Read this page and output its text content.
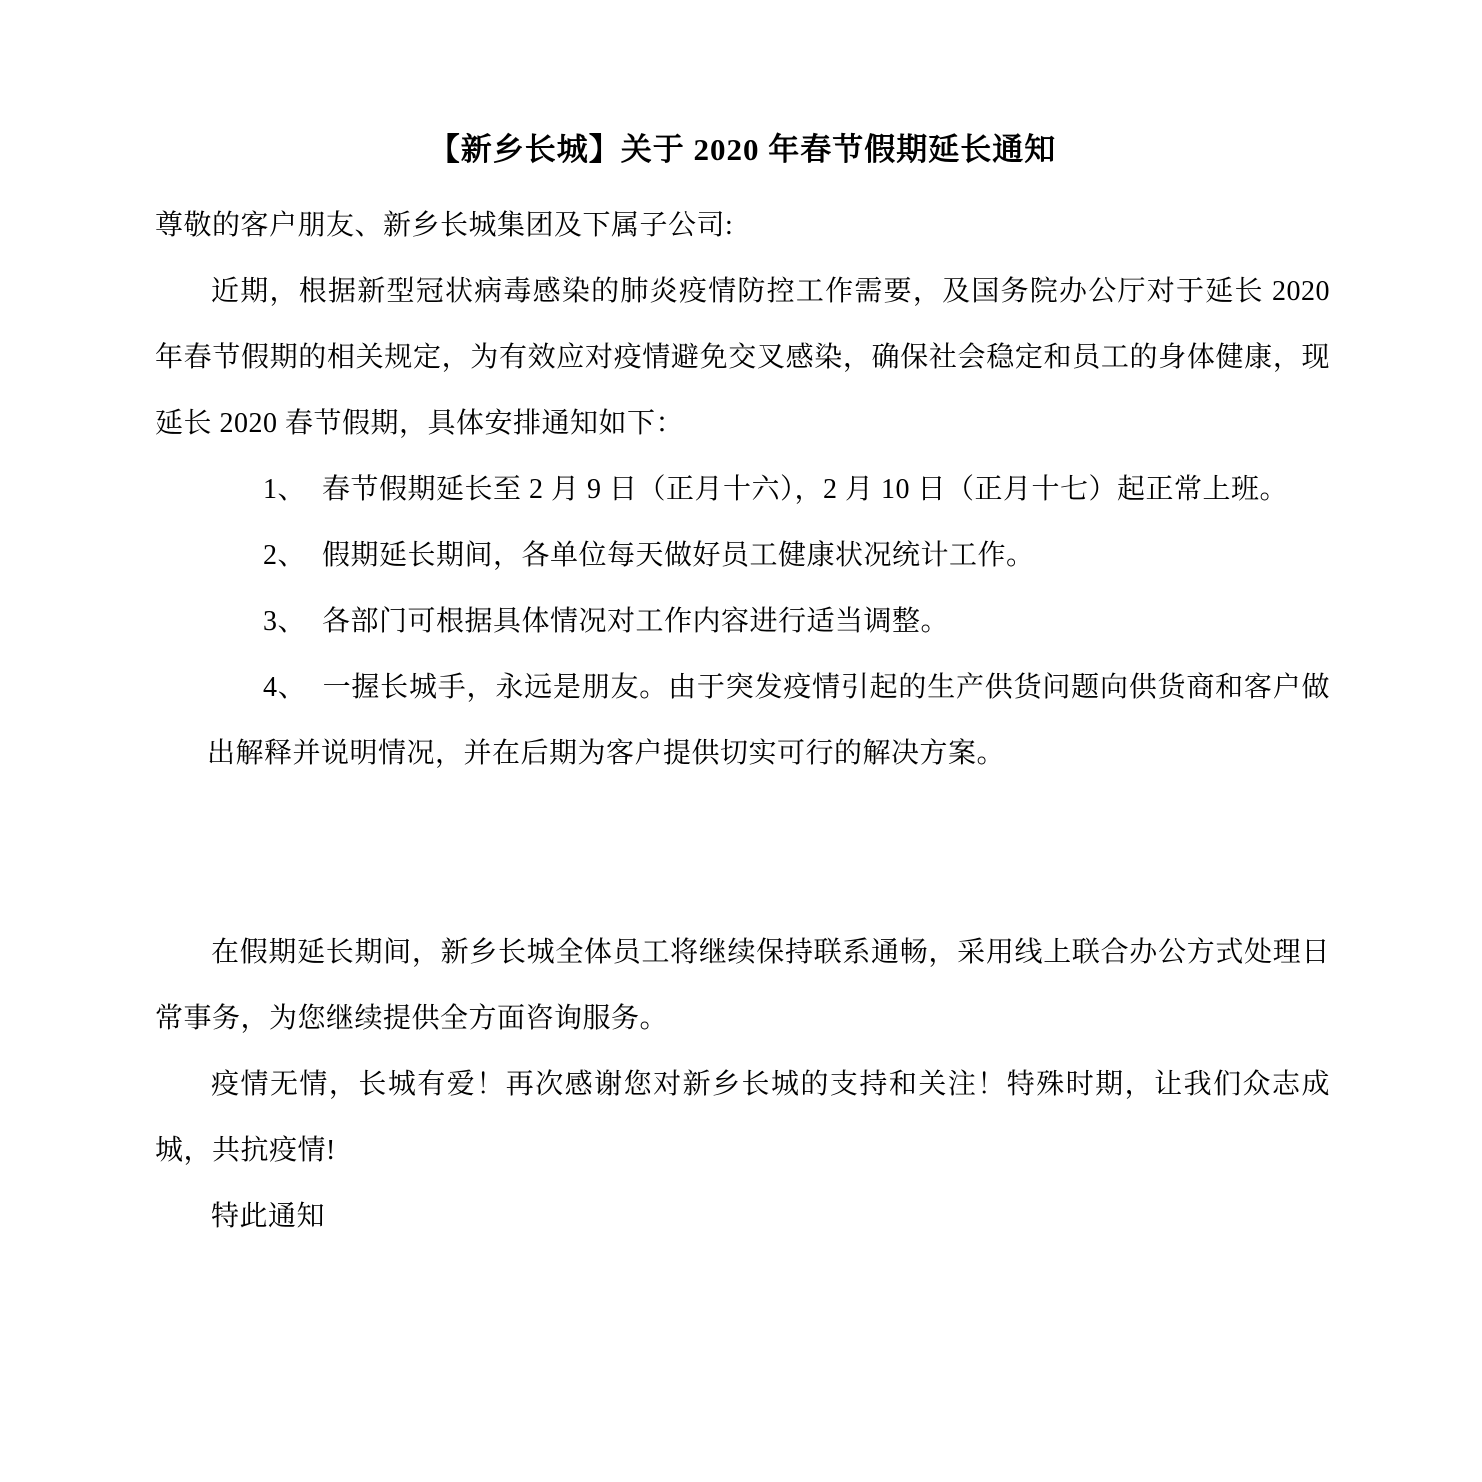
【新乡长城】关于 2020 年春节假期延长通知

尊敬的客户朋友、新乡长城集团及下属子公司:

近期，根据新型冠状病毒感染的肺炎疫情防控工作需要，及国务院办公厅对于延长 2020 年春节假期的相关规定，为有效应对疫情避免交叉感染，确保社会稳定和员工的身体健康，现延长 2020 春节假期，具体安排通知如下：

1、 春节假期延长至 2 月 9 日（正月十六），2 月 10 日（正月十七）起正常上班。

2、 假期延长期间，各单位每天做好员工健康状况统计工作。

3、 各部门可根据具体情况对工作内容进行适当调整。

4、 一握长城手，永远是朋友。由于突发疫情引起的生产供货问题向供货商和客户做出解释并说明情况，并在后期为客户提供切实可行的解决方案。

在假期延长期间，新乡长城全体员工将继续保持联系通畅，采用线上联合办公方式处理日常事务，为您继续提供全方面咨询服务。

疫情无情，长城有爱！再次感谢您对新乡长城的支持和关注！特殊时期，让我们众志成城，共抗疫情!

特此通知
